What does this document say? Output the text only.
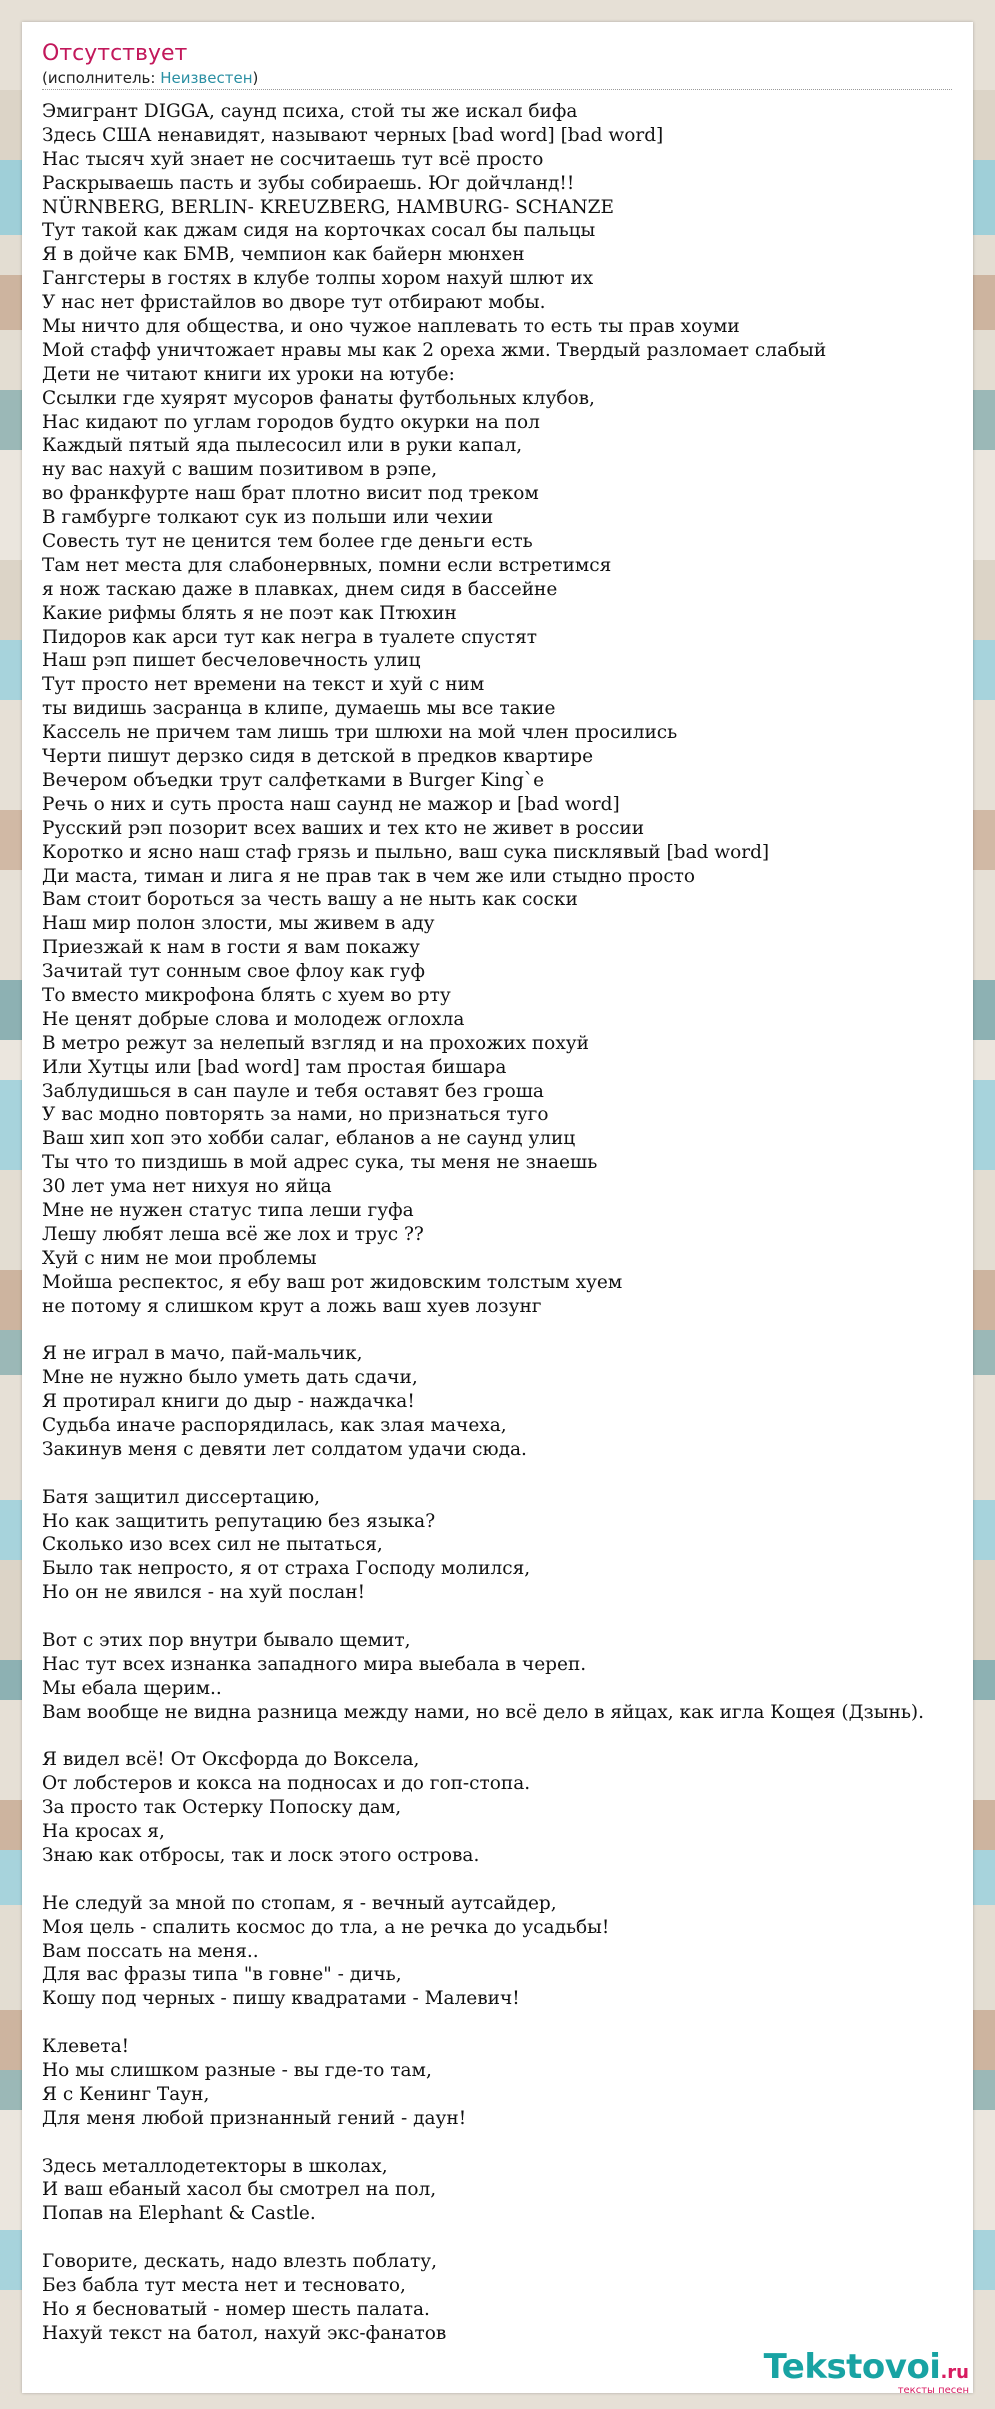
Отсутствует
(исполнитель: Неизвестен)
Эмигрант DIGGA, саунд психа, стой ты же искал бифа
Здесь США ненавидят, называют черных [bad word] [bad word]
Нас тысяч хуй знает не сосчитаешь тут всё просто
Раскрываешь пасть и зубы собираешь. Юг дойчланд!!
NÜRNBERG, BERLIN- KREUZBERG, HAMBURG- SCHANZE
Тут такой как джам сидя на корточках сосал бы пальцы
Я в дойче как БМВ, чемпион как байерн мюнхен
Гангстеры в гостях в клубе толпы хором нахуй шлют их
У нас нет фристайлов во дворе тут отбирают мобы.
Мы ничто для общества, и оно чужое наплевать то есть ты прав хоуми
Мой стафф уничтожает нравы мы как 2 ореха жми. Твердый разломает слабый
Дети не читают книги их уроки на ютубе:
Ссылки где хуярят мусоров фанаты футбольных клубов,
Нас кидают по углам городов будто окурки на пол
Каждый пятый яда пылесосил или в руки капал,
ну вас нахуй с вашим позитивом в рэпе,
во франкфурте наш брат плотно висит под треком
В гамбурге толкают сук из польши или чехии
Совесть тут не ценится тем более где деньги есть
Там нет места для слабонервных, помни если встретимся
я нож таскаю даже в плавках, днем сидя в бассейне
Какие рифмы блять я не поэт как Птюхин
Пидоров как арси тут как негра в туалете спустят
Наш рэп пишет бесчеловечность улиц
Тут просто нет времени на текст и хуй с ним
ты видишь засранца в клипе, думаешь мы все такие
Кассель не причем там лишь три шлюхи на мой член просились
Черти пишут дерзко сидя в детской в предков квартире
Вечером объедки трут салфетками в Burger King`e
Речь о них и суть проста наш саунд не мажор и [bad word]
Русский рэп позорит всех ваших и тех кто не живет в россии
Коротко и ясно наш стаф грязь и пыльно, ваш сука писклявый [bad word]
Ди маста, тиман и лига я не прав так в чем же или стыдно просто
Вам стоит бороться за честь вашу а не ныть как соски
Наш мир полон злости, мы живем в аду
Приезжай к нам в гости я вам покажу
Зачитай тут сонным свое флоу как гуф
То вместо микрофона блять с хуем во рту
Не ценят добрые слова и молодеж оглохла
В метро режут за нелепый взгляд и на прохожих похуй
Или Хутцы или [bad word] там простая бишара
Заблудишься в сан пауле и тебя оставят без гроша
У вас модно повторять за нами, но признаться туго
Ваш хип хоп это хобби салаг, ебланов а не саунд улиц
Ты что то пиздишь в мой адрес сука, ты меня не знаешь
30 лет ума нет нихуя но яйца
Мне не нужен статус типа леши гуфа
Лешу любят леша всё же лох и трус ??
Хуй с ним не мои проблемы
Мойша респектос, я ебу ваш рот жидовским толстым хуем
не потому я слишком крут а ложь ваш хуев лозунг
Я не играл в мачо, пай-мальчик,
Мне не нужно было уметь дать сдачи,
Я протирал книги до дыр - наждачка!
Судьба иначе распорядилась, как злая мачеха,
Закинув меня с девяти лет солдатом удачи сюда.
Батя защитил диссертацию,
Но как защитить репутацию без языка?
Сколько изо всех сил не пытаться,
Было так непросто, я от страха Господу молился,
Но он не явился - на хуй послан!
Вот с этих пор внутри бывало щемит,
Нас тут всех изнанка западного мира выебала в череп.
Мы ебала щерим..
Вам вообще не видна разница между нами, но всё дело в яйцах, как игла Кощея (Дзынь).
Я видел всё! От Оксфорда до Воксела,
От лобстеров и кокса на подносах и до гоп-стопа.
За просто так Остерку Попоску дам,
На кросах я,
Знаю как отбросы, так и лоск этого острова.
Не следуй за мной по стопам, я - вечный аутсайдер,
Моя цель - спалить космос до тла, а не речка до усадьбы!
Вам поссать на меня..
Для вас фразы типа "в говне" - дичь,
Кошу под черных - пишу квадратами - Малевич!
Клевета!
Но мы слишком разные - вы где-то там,
Я с Кенинг Таун,
Для меня любой признанный гений - даун!
Здесь металлодетекторы в школах,
И ваш ебаный хасол бы смотрел на пол,
Попав на Elephant & Castle.
Говорите, дескать, надо влезть поблату,
Без бабла тут места нет и тесновато,
Но я бесноватый - номер шесть палата.
Нахуй текст на батол, нахуй экс-фанатов
Tekstovoi.ru
тексты песен
